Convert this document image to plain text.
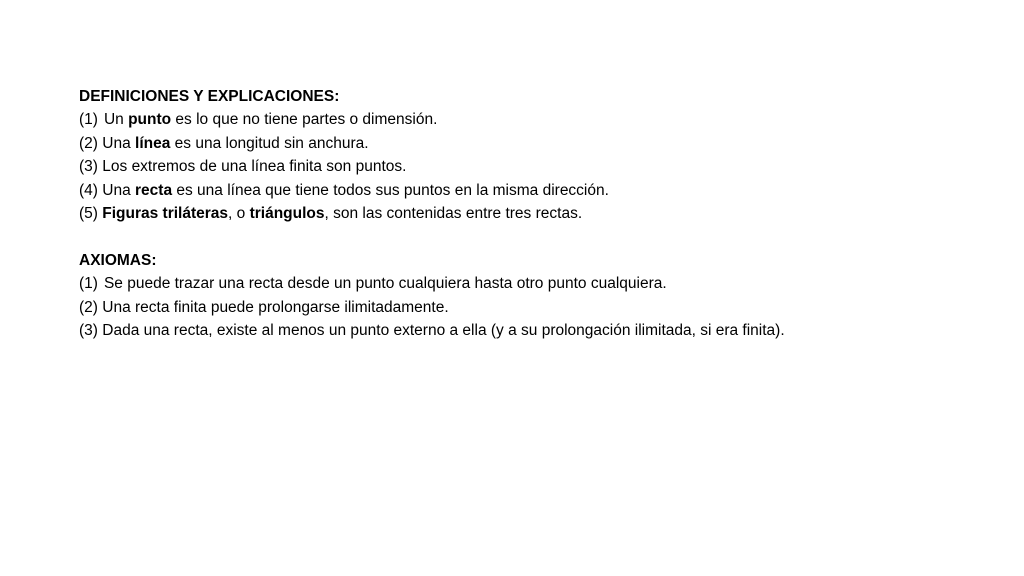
DEFINICIONES Y EXPLICACIONES:
(1) Un punto es lo que no tiene partes o dimensión.
(2) Una línea es una longitud sin anchura.
(3) Los extremos de una línea finita son puntos.
(4) Una recta es una línea que tiene todos sus puntos en la misma dirección.
(5) Figuras triláteras, o triángulos, son las contenidas entre tres rectas.
AXIOMAS:
(1) Se puede trazar una recta desde un punto cualquiera hasta otro punto cualquiera.
(2) Una recta finita puede prolongarse ilimitadamente.
(3) Dada una recta, existe al menos un punto externo a ella (y a su prolongación ilimitada, si era finita).
